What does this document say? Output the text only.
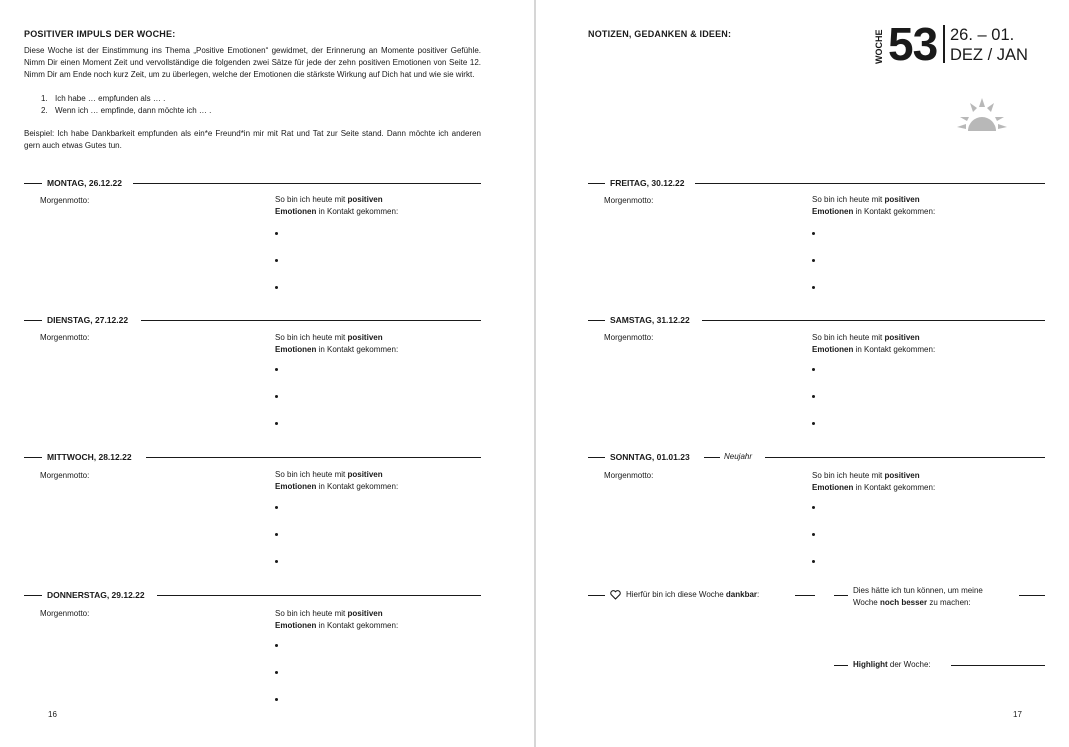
POSITIVER IMPULS DER WOCHE:

Diese Woche ist der Einstimmung ins Thema „Positive Emotionen“ gewidmet, der Erinnerung an Momente positiver Gefühle. Nimm Dir einen Moment Zeit und vervollständige die folgenden zwei Sätze für jede der zehn positiven Emotionen von Seite 12. Nimm Dir am Ende noch kurz Zeit, um zu überlegen, welche der Emotionen die stärkste Wirkung auf Dich hat und wie sie wirkt.

1. Ich habe … empfunden als … .
2. Wenn ich … empfinde, dann möchte ich … .

Beispiel: Ich habe Dankbarkeit empfunden als ein*e Freund*in mir mit Rat und Tat zur Seite stand. Dann möchte ich anderen gern auch etwas Gutes tun.

MONTAG, 26.12.22
Morgenmotto:	So bin ich heute mit positiven
Emotionen in Kontakt gekommen:
DIENSTAG, 27.12.22
Morgenmotto:	So bin ich heute mit positiven
Emotionen in Kontakt gekommen:
MITTWOCH, 28.12.22
Morgenmotto:	So bin ich heute mit positiven
Emotionen in Kontakt gekommen:
DONNERSTAG, 29.12.22
Morgenmotto:	So bin ich heute mit positiven
Emotionen in Kontakt gekommen:
16
NOTIZEN, GEDANKEN & IDEEN:	WOCHE 53 26. – 01.
DEZ / JAN
FREITAG, 30.12.22
Morgenmotto:	So bin ich heute mit positiven
Emotionen in Kontakt gekommen:
SAMSTAG, 31.12.22
Morgenmotto:	So bin ich heute mit positiven
Emotionen in Kontakt gekommen:
SONNTAG, 01.01.23	Neujahr
Morgenmotto:	So bin ich heute mit positiven
Emotionen in Kontakt gekommen:
Hierfür bin ich diese Woche dankbar:	Dies hätte ich tun können, um meine
Woche noch besser zu machen:
Highlight der Woche:
17
